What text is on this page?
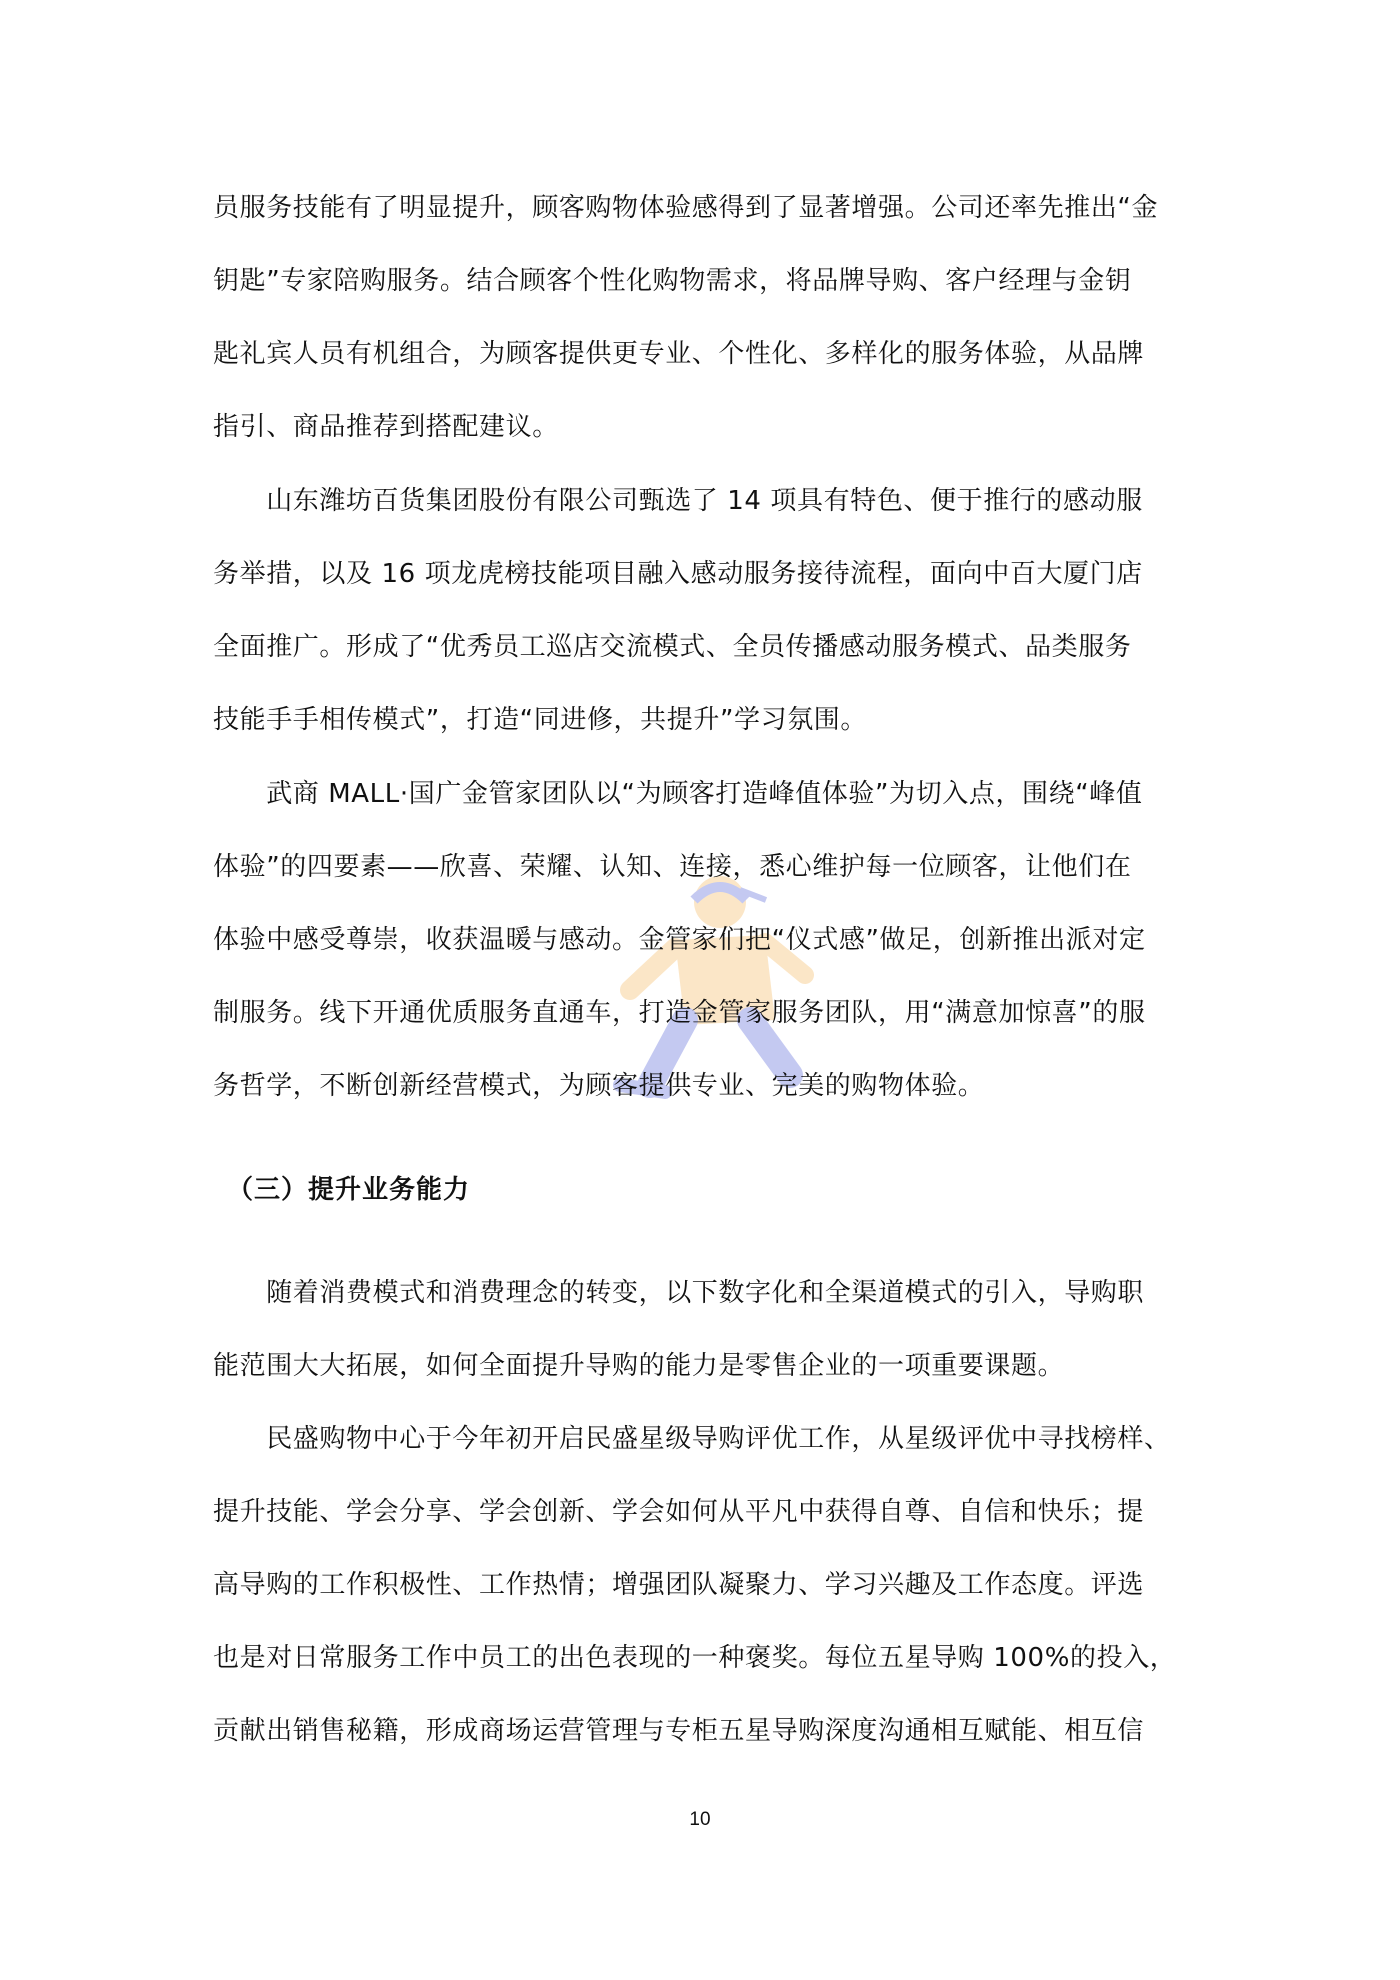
员服务技能有了明显提升，顾客购物体验感得到了显著增强。公司还率先推出“金
钥匙”专家陪购服务。结合顾客个性化购物需求，将品牌导购、客户经理与金钥
匙礼宾人员有机组合，为顾客提供更专业、个性化、多样化的服务体验，从品牌
指引、商品推荐到搭配建议。
　　山东潍坊百货集团股份有限公司甄选了 14 项具有特色、便于推行的感动服
务举措，以及 16 项龙虎榜技能项目融入感动服务接待流程，面向中百大厦门店
全面推广。形成了“优秀员工巡店交流模式、全员传播感动服务模式、品类服务
技能手手相传模式”，打造“同进修，共提升”学习氛围。
　　武商 MALL·国广金管家团队以“为顾客打造峰值体验”为切入点，围绕“峰值
体验”的四要素——欣喜、荣耀、认知、连接，悉心维护每一位顾客，让他们在
体验中感受尊崇，收获温暖与感动。金管家们把“仪式感”做足，创新推出派对定
制服务。线下开通优质服务直通车，打造金管家服务团队，用“满意加惊喜”的服
务哲学，不断创新经营模式，为顾客提供专业、完美的购物体验。
　（三）提升业务能力
　　随着消费模式和消费理念的转变，以下数字化和全渠道模式的引入，导购职
能范围大大拓展，如何全面提升导购的能力是零售企业的一项重要课题。
　　民盛购物中心于今年初开启民盛星级导购评优工作，从星级评优中寻找榜样、
提升技能、学会分享、学会创新、学会如何从平凡中获得自尊、自信和快乐；提
高导购的工作积极性、工作热情；增强团队凝聚力、学习兴趣及工作态度。评选
也是对日常服务工作中员工的出色表现的一种褒奖。每位五星导购 100%的投入，
贡献出销售秘籍，形成商场运营管理与专柜五星导购深度沟通相互赋能、相互信
10
